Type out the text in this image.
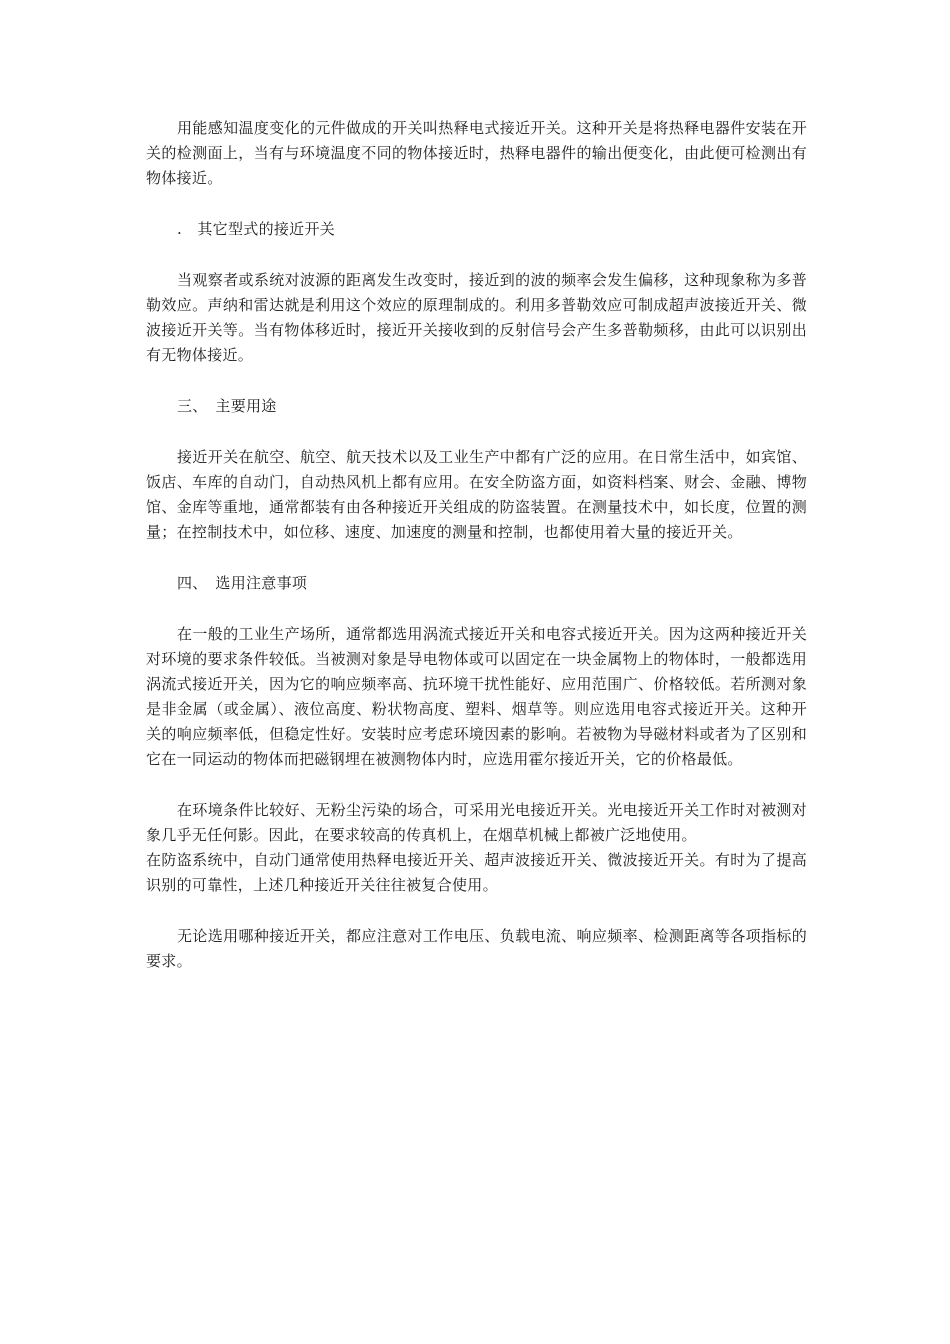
用能感知温度变化的元件做成的开关叫热释电式接近开关。这种开关是将热释电器件安装在开关的检测面上，当有与环境温度不同的物体接近时，热释电器件的输出便变化，由此便可检测出有物体接近。

.　其它型式的接近开关

当观察者或系统对波源的距离发生改变时，接近到的波的频率会发生偏移，这种现象称为多普勒效应。声纳和雷达就是利用这个效应的原理制成的。利用多普勒效应可制成超声波接近开关、微波接近开关等。当有物体移近时，接近开关接收到的反射信号会产生多普勒频移，由此可以识别出有无物体接近。

三、　主要用途

接近开关在航空、航空、航天技术以及工业生产中都有广泛的应用。在日常生活中，如宾馆、饭店、车库的自动门，自动热风机上都有应用。在安全防盗方面，如资料档案、财会、金融、博物馆、金库等重地，通常都装有由各种接近开关组成的防盗装置。在测量技术中，如长度，位置的测量；在控制技术中，如位移、速度、加速度的测量和控制，也都使用着大量的接近开关。

四、　选用注意事项

在一般的工业生产场所，通常都选用涡流式接近开关和电容式接近开关。因为这两种接近开关对环境的要求条件较低。当被测对象是导电物体或可以固定在一块金属物上的物体时，一般都选用涡流式接近开关，因为它的响应频率高、抗环境干扰性能好、应用范围广、价格较低。若所测对象是非金属（或金属）、液位高度、粉状物高度、塑料、烟草等。则应选用电容式接近开关。这种开关的响应频率低，但稳定性好。安装时应考虑环境因素的影响。若被物为导磁材料或者为了区别和它在一同运动的物体而把磁钢埋在被测物体内时，应选用霍尔接近开关，它的价格最低。

在环境条件比较好、无粉尘污染的场合，可采用光电接近开关。光电接近开关工作时对被测对象几乎无任何影。因此，在要求较高的传真机上，在烟草机械上都被广泛地使用。

在防盗系统中，自动门通常使用热释电接近开关、超声波接近开关、微波接近开关。有时为了提高识别的可靠性，上述几种接近开关往往被复合使用。

无论选用哪种接近开关，都应注意对工作电压、负载电流、响应频率、检测距离等各项指标的要求。
